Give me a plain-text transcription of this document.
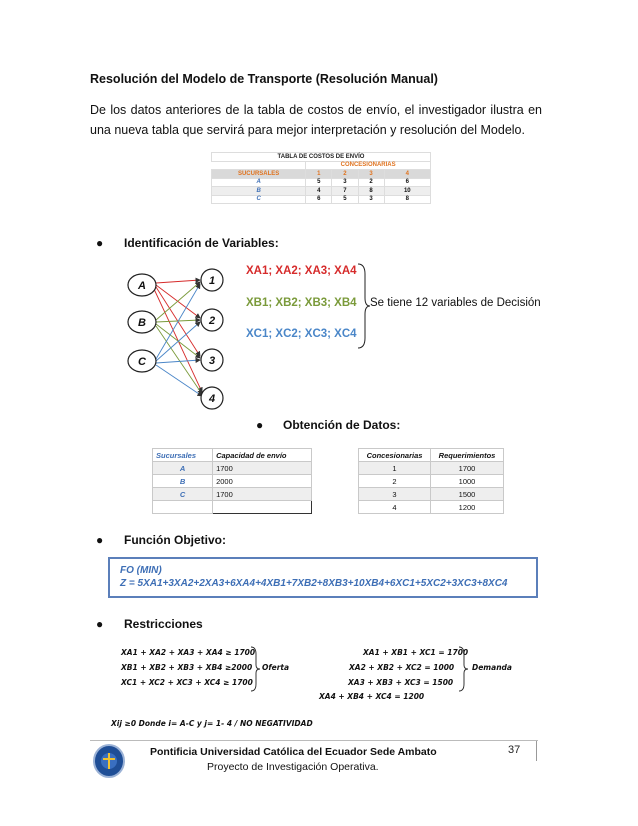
Resolución del Modelo de Transporte (Resolución Manual)
De los datos anteriores de la tabla de costos de envío, el investigador ilustra en
una nueva tabla que servirá para mejor interpretación y resolución del Modelo.
TABLA DE COSTOS DE ENVÍO				
	CONCESIONARIAS			
SUCURSALES	1	2	3	4
A	5	3	2	6
B	4	7	8	10
C	6	5	3	8
● Identificación de Variables:
A
B
C
1
2
3
4
XA1; XA2; XA3; XA4
XB1; XB2; XB3; XB4
XC1; XC2; XC3; XC4
Se tiene 12 variables de Decisión
● Obtención de Datos:
Sucursales	Capacidad de envío
A	1700
B	2000
C	1700

Concesionarias	Requerimientos
1	1700
2	1000
3	1500
4	1200
● Función Objetivo:
FO (MIN)
Z = 5XA1+3XA2+2XA3+6XA4+4XB1+7XB2+8XB3+10XB4+6XC1+5XC2+3XC3+8XC4
● Restricciones
XA1 + XA2 + XA3 + XA4 ≥ 1700
XB1 + XB2 + XB3 + XB4 ≥2000
XC1 + XC2 + XC3 + XC4 ≥ 1700
Oferta
XA1 + XB1 + XC1 = 1700
XA2 + XB2 + XC2 = 1000
XA3 + XB3 + XC3 = 1500
XA4 + XB4 + XC4 = 1200
Demanda
Xij ≥0 Donde i= A-C y j= 1- 4 / NO NEGATIVIDAD
Pontificia Universidad Católica del Ecuador Sede Ambato
Proyecto de Investigación Operativa.
37
